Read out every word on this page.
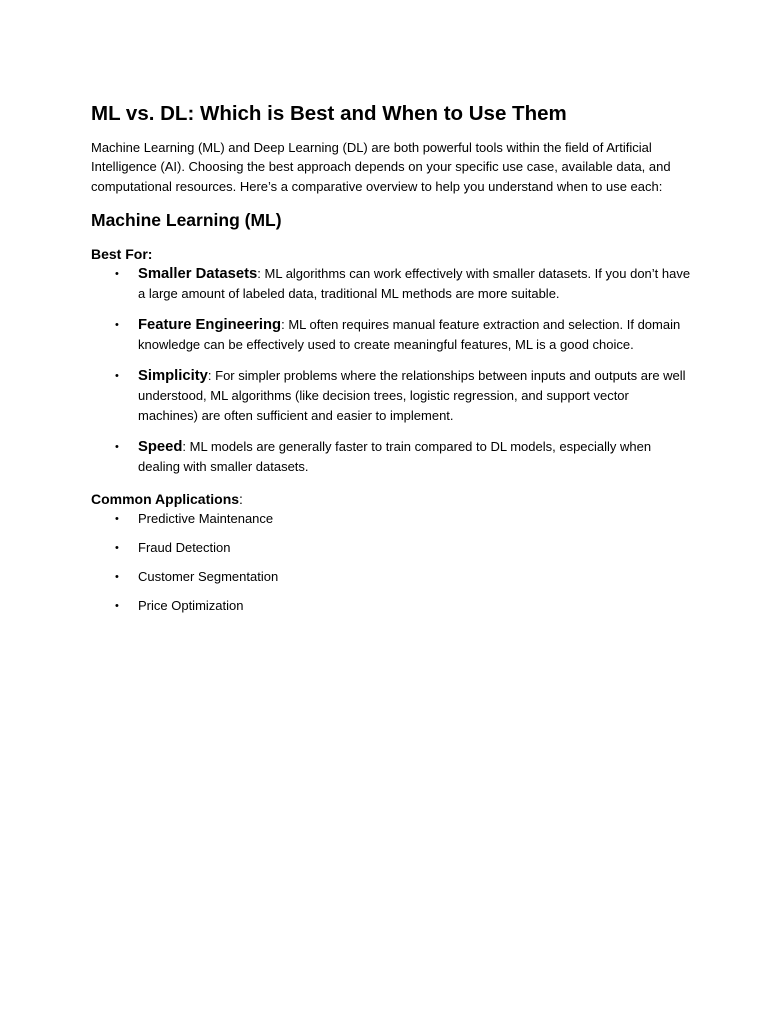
ML vs. DL: Which is Best and When to Use Them

Machine Learning (ML) and Deep Learning (DL) are both powerful tools within the field of Artificial Intelligence (AI). Choosing the best approach depends on your specific use case, available data, and computational resources. Here’s a comparative overview to help you understand when to use each:

Machine Learning (ML)
Best For:
• Smaller Datasets: ML algorithms can work effectively with smaller datasets. If you don’t have a large amount of labeled data, traditional ML methods are more suitable.
• Feature Engineering: ML often requires manual feature extraction and selection. If domain knowledge can be effectively used to create meaningful features, ML is a good choice.
• Simplicity: For simpler problems where the relationships between inputs and outputs are well understood, ML algorithms (like decision trees, logistic regression, and support vector machines) are often sufficient and easier to implement.
• Speed: ML models are generally faster to train compared to DL models, especially when dealing with smaller datasets.
Common Applications:
• Predictive Maintenance
• Fraud Detection
• Customer Segmentation
• Price Optimization
